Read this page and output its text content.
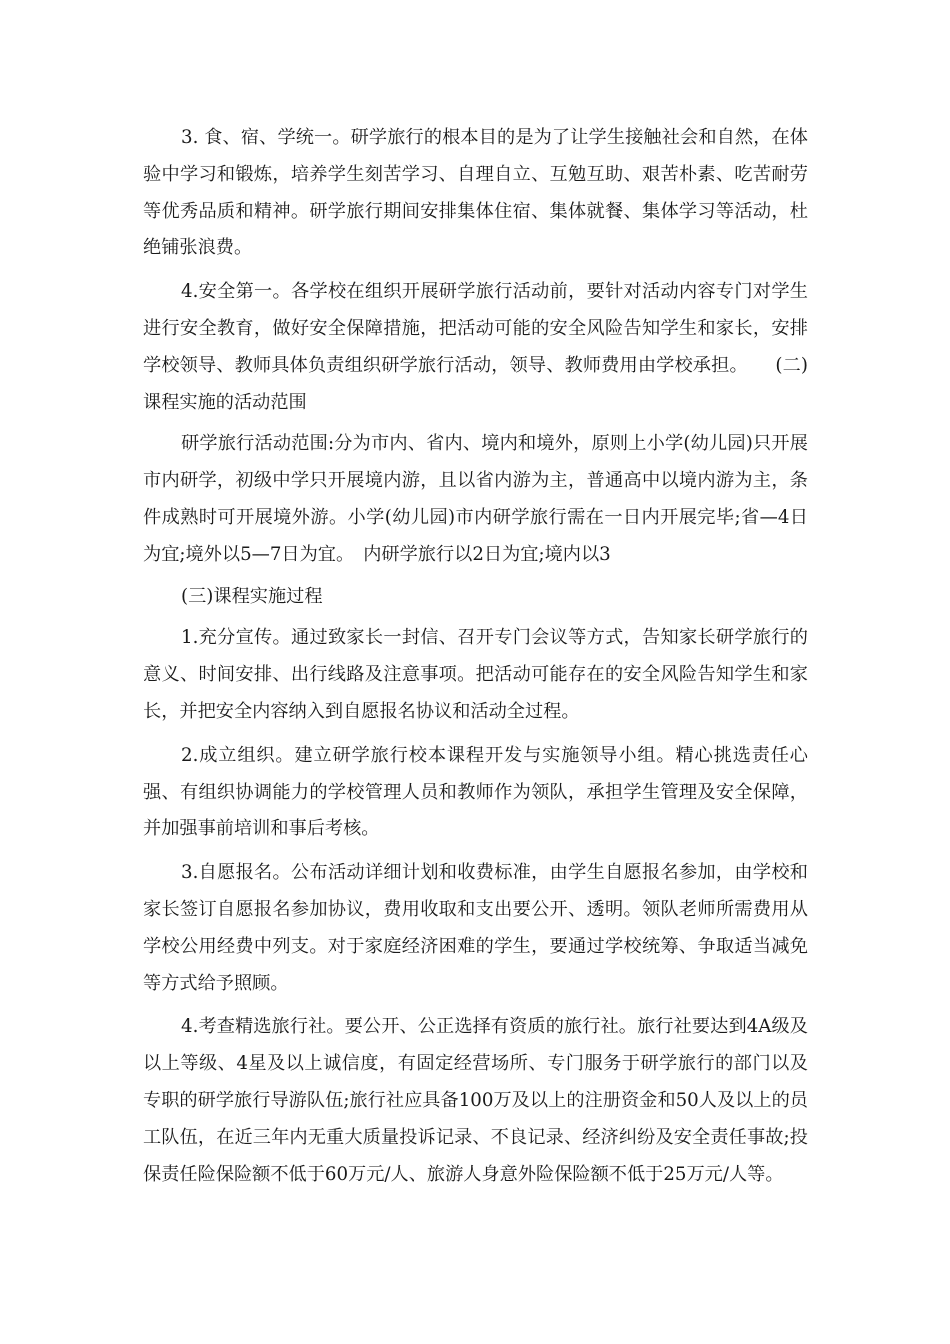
3. 食、宿、学统一。研学旅行的根本目的是为了让学生接触社会和自然，在体验中学习和锻炼，培养学生刻苦学习、自理自立、互勉互助、艰苦朴素、吃苦耐劳等优秀品质和精神。研学旅行期间安排集体住宿、集体就餐、集体学习等活动，杜绝铺张浪费。

4.安全第一。各学校在组织开展研学旅行活动前，要针对活动内容专门对学生进行安全教育，做好安全保障措施，把活动可能的安全风险告知学生和家长，安排学校领导、教师具体负责组织研学旅行活动，领导、教师费用由学校承担。　　(二)课程实施的活动范围

研学旅行活动范围:分为市内、省内、境内和境外，原则上小学(幼儿园)只开展市内研学，初级中学只开展境内游，且以省内游为主，普通高中以境内游为主，条件成熟时可开展境外游。小学(幼儿园)市内研学旅行需在一日内开展完毕;省—4日为宜;境外以5—7日为宜。　内研学旅行以2日为宜;境内以3

(三)课程实施过程

1.充分宣传。通过致家长一封信、召开专门会议等方式，告知家长研学旅行的意义、时间安排、出行线路及注意事项。把活动可能存在的安全风险告知学生和家长，并把安全内容纳入到自愿报名协议和活动全过程。

2.成立组织。建立研学旅行校本课程开发与实施领导小组。精心挑选责任心强、有组织协调能力的学校管理人员和教师作为领队，承担学生管理及安全保障，并加强事前培训和事后考核。

3.自愿报名。公布活动详细计划和收费标准，由学生自愿报名参加，由学校和家长签订自愿报名参加协议，费用收取和支出要公开、透明。领队老师所需费用从学校公用经费中列支。对于家庭经济困难的学生，要通过学校统筹、争取适当减免等方式给予照顾。

4.考查精选旅行社。要公开、公正选择有资质的旅行社。旅行社要达到4A级及以上等级、4星及以上诚信度，有固定经营场所、专门服务于研学旅行的部门以及专职的研学旅行导游队伍;旅行社应具备100万及以上的注册资金和50人及以上的员工队伍，在近三年内无重大质量投诉记录、不良记录、经济纠纷及安全责任事故;投保责任险保险额不低于60万元/人、旅游人身意外险保险额不低于25万元/人等。
